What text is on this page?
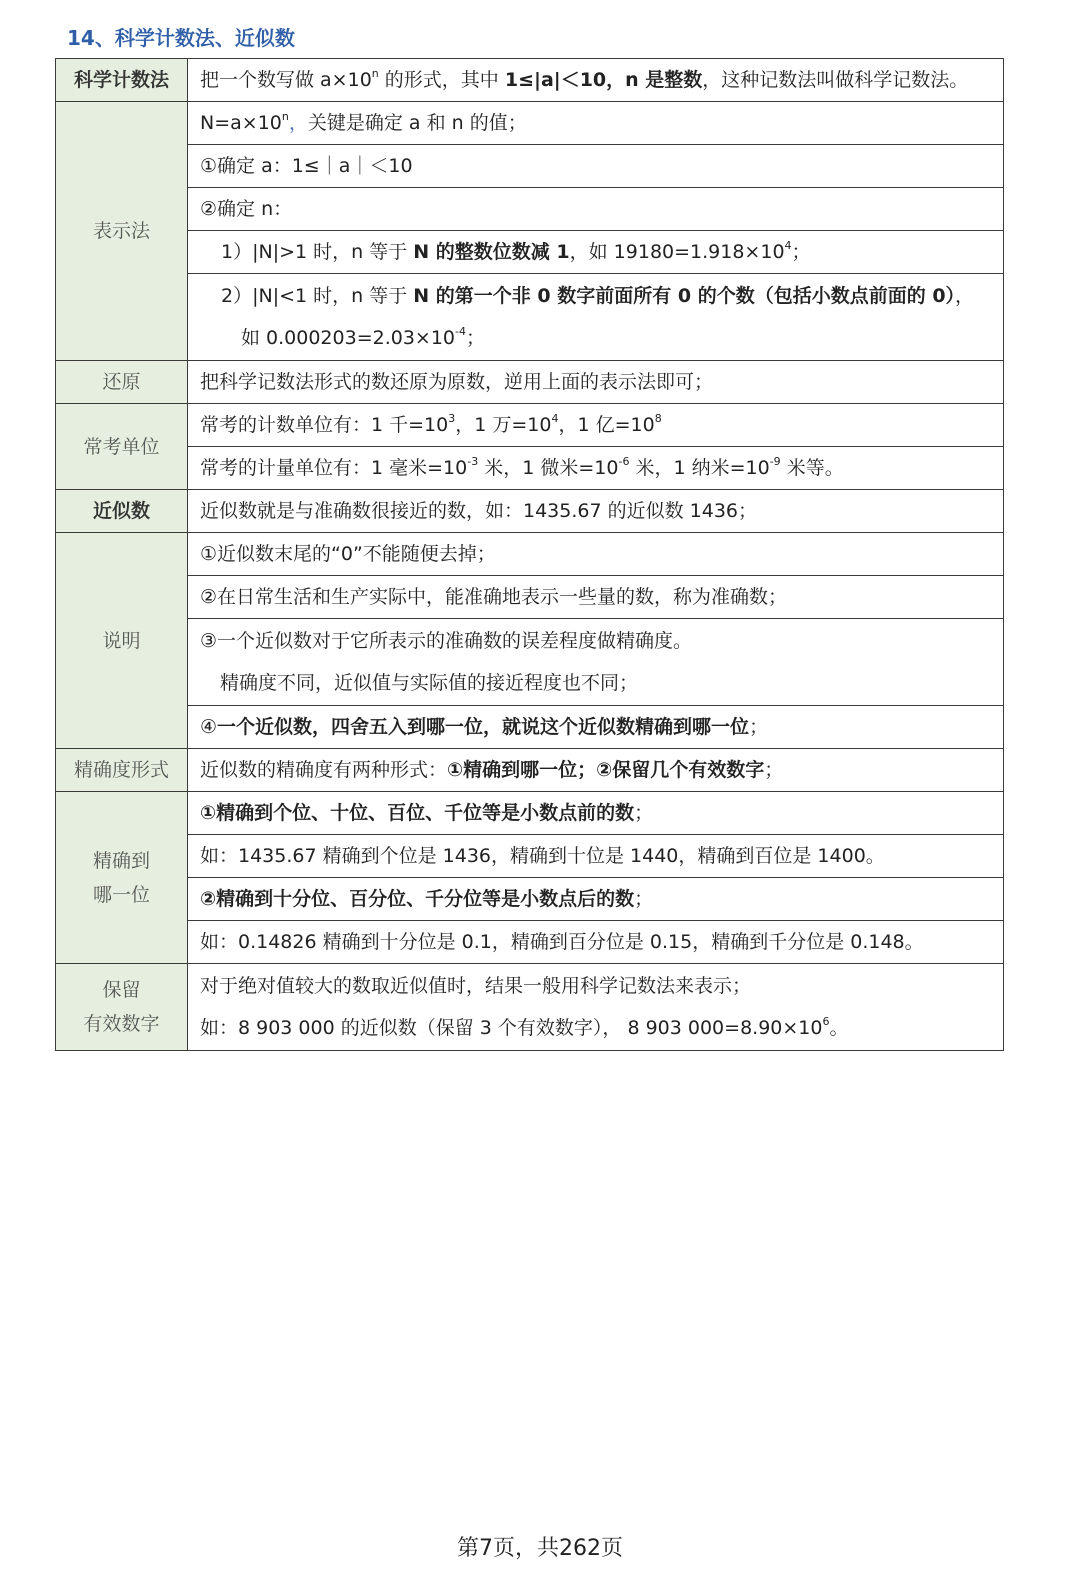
14、科学计数法、近似数
科学计数法	把一个数写做 $a\times 10^n$ 的形式，其中 1≤|a|＜10，n 是整数，这种记数法叫做科学记数法。
表示法	$N=a\times 10^n$，关键是确定 a 和 n 的值；
	①确定 a：1≤｜a｜＜10
	②确定 n：
	1）|N|>1 时，n 等于 N 的整数位数减 1，如 $19180=1.918\times 10^4$；
	2）|N|<1 时，n 等于 N 的第一个非 0 数字前面所有 0 的个数（包括小数点前面的 0），
如 $0.000203=2.03\times 10^{-4}$；
还原	把科学记数法形式的数还原为原数，逆用上面的表示法即可；
常考单位	常考的计数单位有：1 千$=10^3$，1 万$=10^4$，1 亿$=10^8$
	常考的计量单位有：1 毫米$=10^{-3}$ 米，1 微米$=10^{-6}$ 米，1 纳米$=10^{-9}$ 米等。
近似数	近似数就是与准确数很接近的数，如：1435.67 的近似数 1436；
说明	①近似数末尾的“0”不能随便去掉；
	②在日常生活和生产实际中，能准确地表示一些量的数，称为准确数；
	③一个近似数对于它所表示的准确数的误差程度做精确度。
精确度不同，近似值与实际值的接近程度也不同；
	④一个近似数，四舍五入到哪一位，就说这个近似数精确到哪一位；
精确度形式	近似数的精确度有两种形式：①精确到哪一位；②保留几个有效数字；
精确到
哪一位	①精确到个位、十位、百位、千位等是小数点前的数；
	如：1435.67 精确到个位是 1436，精确到十位是 1440，精确到百位是 1400。
	②精确到十分位、百分位、千分位等是小数点后的数；
	如：0.14826 精确到十分位是 0.1，精确到百分位是 0.15，精确到千分位是 0.148。
保留
有效数字	对于绝对值较大的数取近似值时，结果一般用科学记数法来表示；
如：8 903 000 的近似数（保留 3 个有效数字）， 8 903 $000=8.90\times 10^6$。
第7页，共262页
